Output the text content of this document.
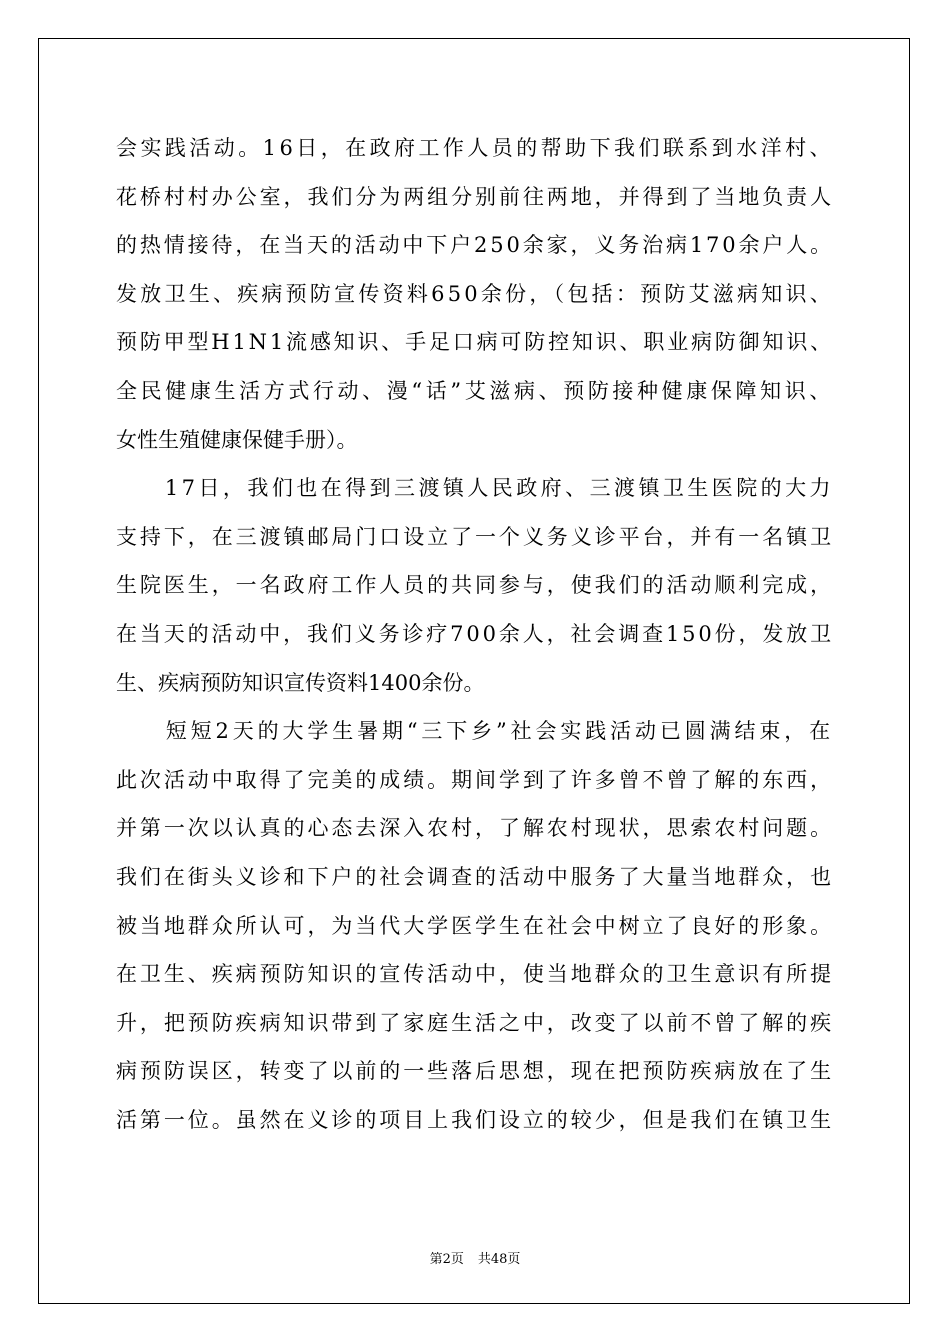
会实践活动。16日，在政府工作人员的帮助下我们联系到水洋村、
花桥村村办公室，我们分为两组分别前往两地，并得到了当地负责人
的热情接待，在当天的活动中下户250余家，义务治病170余户人。
发放卫生、疾病预防宣传资料650余份，（包括：预防艾滋病知识、
预防甲型H1N1流感知识、手足口病可防控知识、职业病防御知识、
全民健康生活方式行动、漫“话”艾滋病、预防接种健康保障知识、
女性生殖健康保健手册）。
　　17日，我们也在得到三渡镇人民政府、三渡镇卫生医院的大力
支持下，在三渡镇邮局门口设立了一个义务义诊平台，并有一名镇卫
生院医生，一名政府工作人员的共同参与，使我们的活动顺利完成，
在当天的活动中，我们义务诊疗700余人，社会调查150份，发放卫
生、疾病预防知识宣传资料1400余份。
　　短短2天的大学生暑期“三下乡”社会实践活动已圆满结束，在
此次活动中取得了完美的成绩。期间学到了许多曾不曾了解的东西，
并第一次以认真的心态去深入农村，了解农村现状，思索农村问题。
我们在街头义诊和下户的社会调查的活动中服务了大量当地群众，也
被当地群众所认可，为当代大学医学生在社会中树立了良好的形象。
在卫生、疾病预防知识的宣传活动中，使当地群众的卫生意识有所提
升，把预防疾病知识带到了家庭生活之中，改变了以前不曾了解的疾
病预防误区，转变了以前的一些落后思想，现在把预防疾病放在了生
活第一位。虽然在义诊的项目上我们设立的较少，但是我们在镇卫生
第2页 共48页
